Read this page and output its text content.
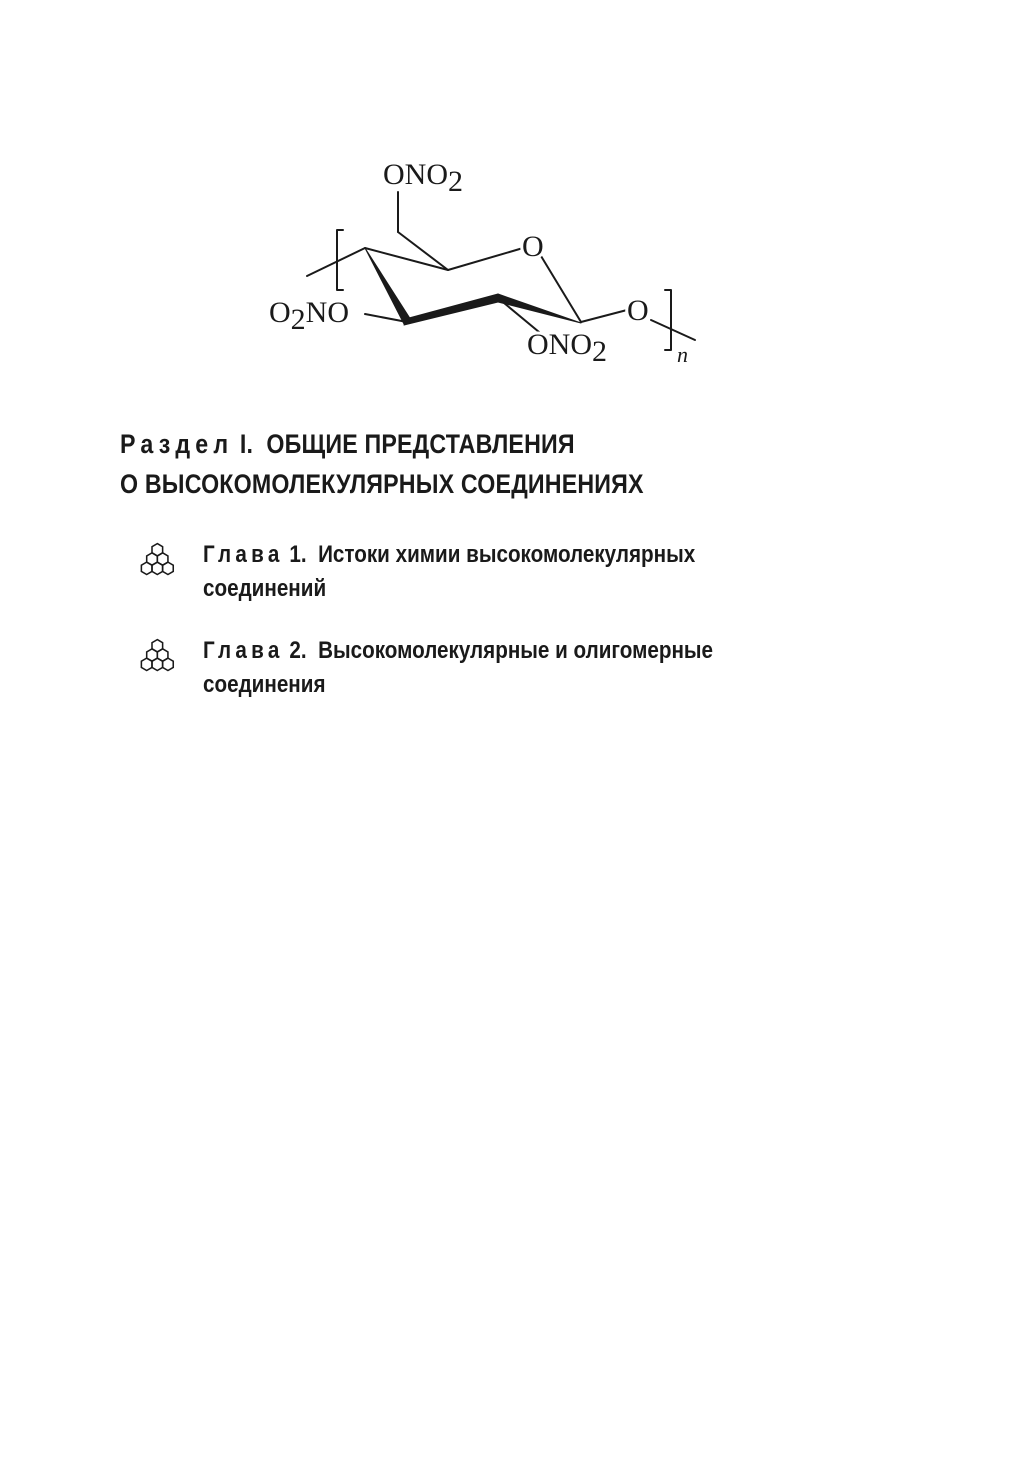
ONO2
O
O2NO
ONO2
O
n
Раздел I. ОБЩИЕ ПРЕДСТАВЛЕНИЯ
О ВЫСОКОМОЛЕКУЛЯРНЫХ СОЕДИНЕНИЯХ
Глава 1. Истоки химии высокомолекулярных
соединений
Глава 2. Высокомолекулярные и олигомерные
соединения
